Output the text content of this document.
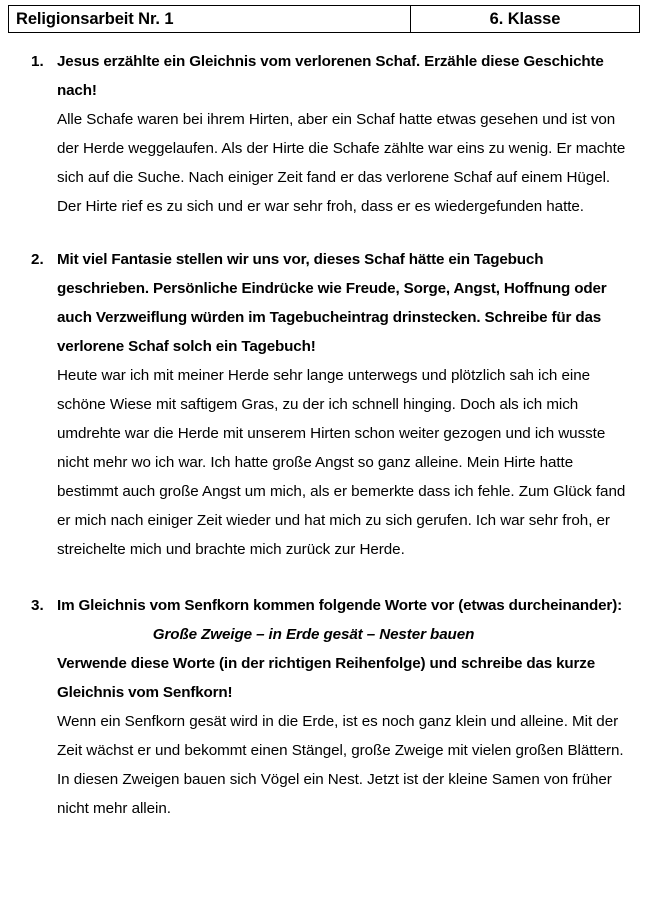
Religionsarbeit Nr. 1	6. Klasse
1. Jesus erzählte ein Gleichnis vom verlorenen Schaf. Erzähle diese Geschichte nach!

Alle Schafe waren bei ihrem Hirten, aber ein Schaf hatte etwas gesehen und ist von der Herde weggelaufen. Als der Hirte die Schafe zählte war eins zu wenig. Er machte sich auf die Suche. Nach einiger Zeit fand er das verlorene Schaf auf einem Hügel. Der Hirte rief es zu sich und er war sehr froh, dass er es wiedergefunden hatte.

2. Mit viel Fantasie stellen wir uns vor, dieses Schaf hätte ein Tagebuch geschrieben. Persönliche Eindrücke wie Freude, Sorge, Angst, Hoffnung oder auch Verzweiflung würden im Tagebucheintrag drinstecken. Schreibe für das verlorene Schaf solch ein Tagebuch!

Heute war ich mit meiner Herde sehr lange unterwegs und plötzlich sah ich eine schöne Wiese mit saftigem Gras, zu der ich schnell hinging. Doch als ich mich umdrehte war die Herde mit unserem Hirten schon weiter gezogen und ich wusste nicht mehr wo ich war. Ich hatte große Angst so ganz alleine. Mein Hirte hatte bestimmt auch große Angst um mich, als er bemerkte dass ich fehle. Zum Glück fand er mich nach einiger Zeit wieder und hat mich zu sich gerufen. Ich war sehr froh, er streichelte mich und brachte mich zurück zur Herde.

3. Im Gleichnis vom Senfkorn kommen folgende Worte vor (etwas durcheinander):

Große Zweige – in Erde gesät – Nester bauen

Verwende diese Worte (in der richtigen Reihenfolge) und schreibe das kurze Gleichnis vom Senfkorn!

Wenn ein Senfkorn gesät wird in die Erde, ist es noch ganz klein und alleine. Mit der Zeit wächst er und bekommt einen Stängel, große Zweige mit vielen großen Blättern. In diesen Zweigen bauen sich Vögel ein Nest. Jetzt ist der kleine Samen von früher nicht mehr allein.
